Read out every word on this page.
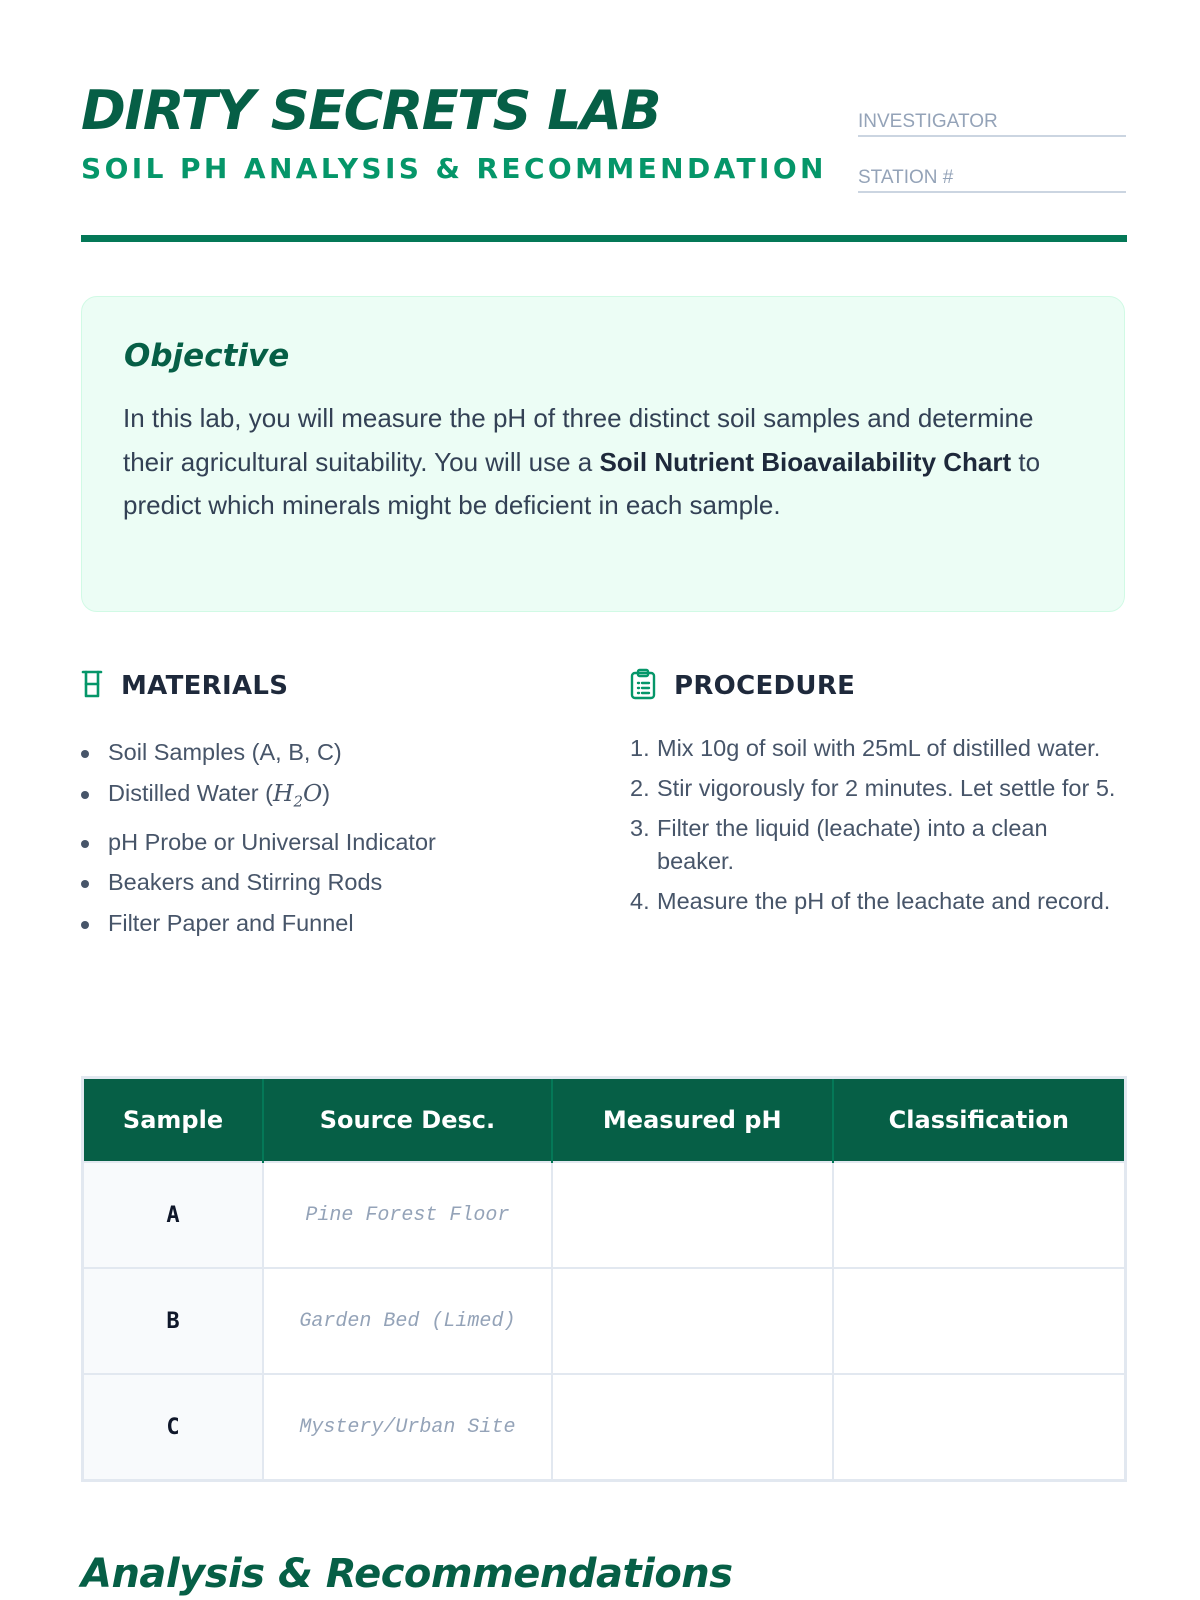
DIRTY SECRETS LAB
SOIL PH ANALYSIS & RECOMMENDATION
INVESTIGATOR
STATION #
Objective
In this lab, you will measure the pH of three distinct soil samples and determine their agricultural suitability. You will use a Soil Nutrient Bioavailability Chart to predict which minerals might be deficient in each sample.
MATERIALS
Soil Samples (A, B, C)
Distilled Water $(H_2O)$
pH Probe or Universal Indicator
Beakers and Stirring Rods
Filter Paper and Funnel
PROCEDURE
1. Mix 10g of soil with 25mL of distilled water.
2. Stir vigorously for 2 minutes. Let settle for 5.
3. Filter the liquid (leachate) into a clean beaker.
4. Measure the pH of the leachate and record.
Sample	Source Desc.	Measured pH	Classification
A	Pine Forest Floor		
B	Garden Bed (Limed)		
C	Mystery/Urban Site		
Analysis & Recommendations
